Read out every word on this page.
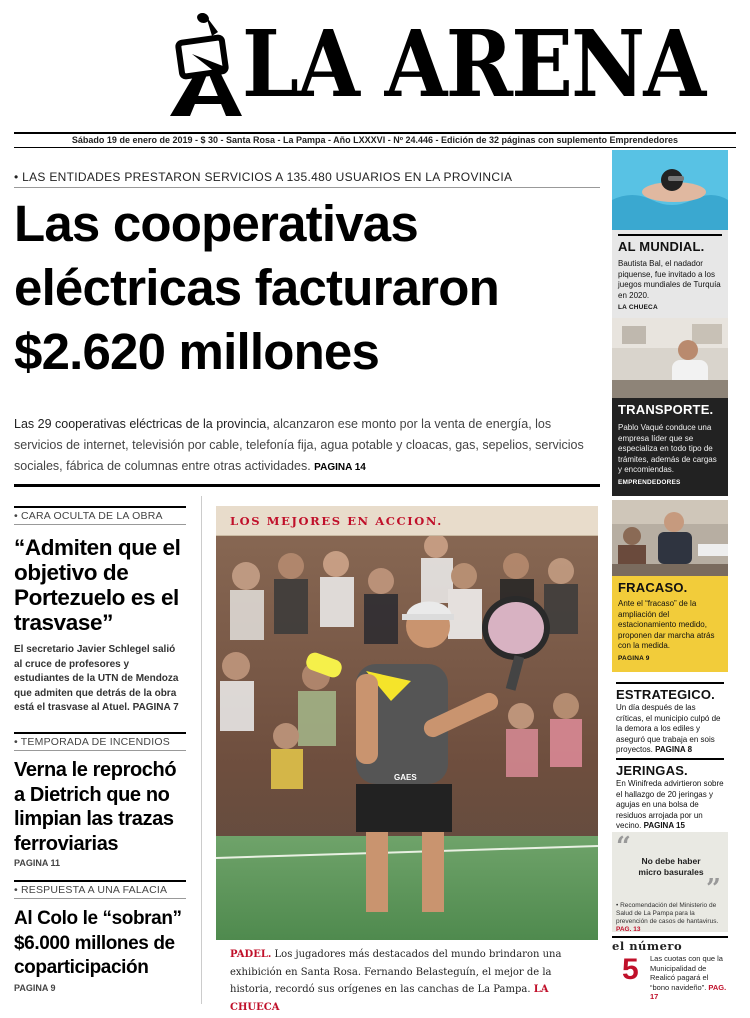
LA ARENA
Sábado 19 de enero de 2019 - $ 30 - Santa Rosa - La Pampa - Año LXXXVI - Nº 24.446 - Edición de 32 páginas con suplemento Emprendedores
• LAS ENTIDADES PRESTARON SERVICIOS A 135.480 USUARIOS EN LA PROVINCIA
Las cooperativas
eléctricas facturaron
$2.620 millones

Las 29 cooperativas eléctricas de la provincia, alcanzaron ese monto por la venta de energía, los servicios de internet, televisión por cable, telefonía fija, agua potable y cloacas, gas, sepelios, servicios sociales, fábrica de columnas entre otras actividades. PAGINA 14

• CARA OCULTA DE LA OBRA
“Admiten que el objetivo de Portezuelo es el trasvase”
El secretario Javier Schlegel salió al cruce de profesores y estudiantes de la UTN de Mendoza que admiten que detrás de la obra está el trasvase al Atuel. PAGINA 7
• TEMPORADA DE INCENDIOS
Verna le reprochó a Dietrich que no limpian las trazas ferroviarias
PAGINA 11
• RESPUESTA A UNA FALACIA
Al Colo le “sobran” $6.000 millones de coparticipación
PAGINA 9
GAES
LOS MEJORES EN ACCION.

PADEL. Los jugadores más destacados del mundo brindaron una exhibición en Santa Rosa. Fernando Belasteguín, el mejor de la historia, recordó sus orígenes en las canchas de La Pampa. LA CHUECA

AL MUNDIAL.
Bautista Bal, el nadador piquense, fue invitado a los juegos mundiales de Turquía en 2020.
LA CHUECA
TRANSPORTE.
Pablo Vaqué conduce una empresa líder que se especializa en todo tipo de trámites, además de cargas y encomiendas.
EMPRENDEDORES
FRACASO.
Ante el “fracaso” de la ampliación del estacionamiento medido, proponen dar marcha atrás con la medida.
PAGINA 9
ESTRATEGICO.
Un día después de las críticas, el municipio culpó de la demora a los ediles y aseguró que trabaja en sois proyectos. PAGINA 8
JERINGAS.
En Winifreda advirtieron sobre el hallazgo de 20 jeringas y agujas en una bolsa de residuos arrojada por un vecino. PAGINA 15
“	No debe haber micro basurales
”
• Recomendación del Ministerio de Salud de La Pampa para la prevención de casos de hantavirus. PAG. 13
el número
5 Las cuotas con que la Municipalidad de Realicó pagará el “bono navideño”. PAG. 17
